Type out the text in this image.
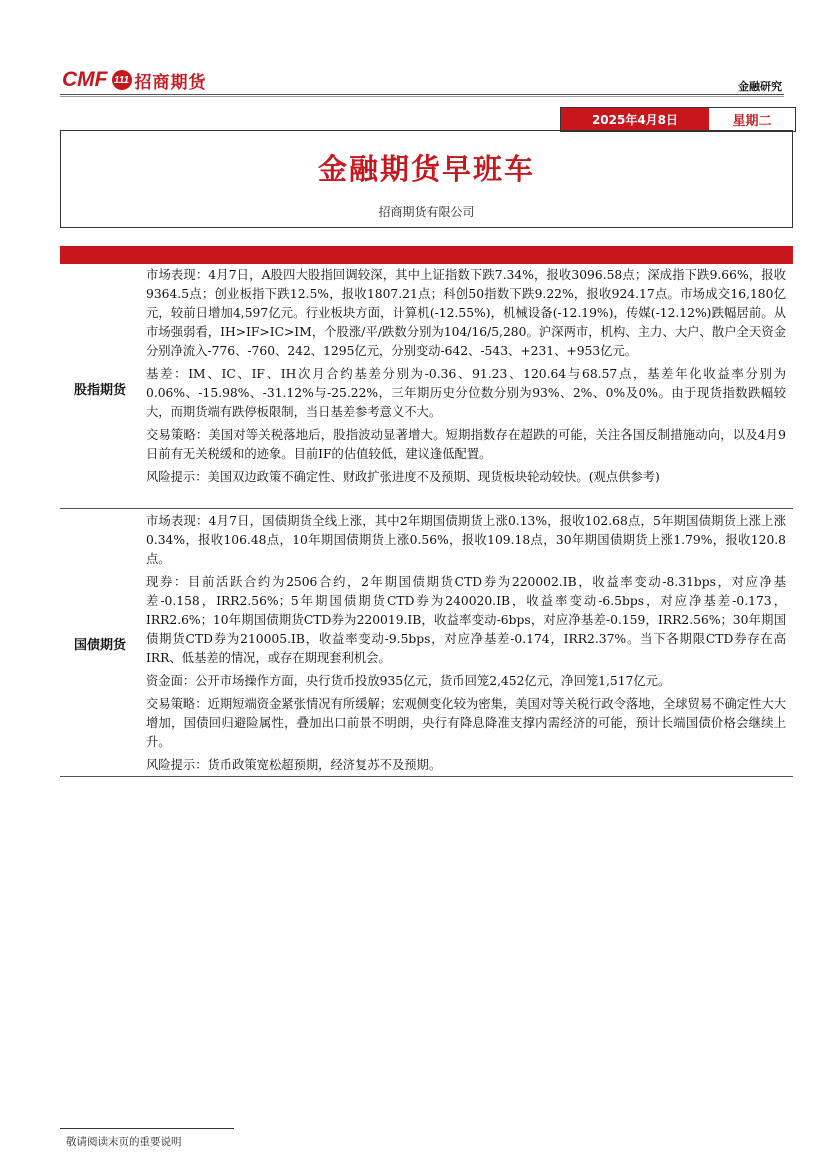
CMF 111 招商期货	金融研究
2025年4月8日	星期二
金融期货早班车
招商期货有限公司
股指期货

市场表现：4月7日，A股四大股指回调较深，其中上证指数下跌7.34%，报收3096.58点；深成指下跌9.66%，报收9364.5点；创业板指下跌12.5%，报收1807.21点；科创50指数下跌9.22%，报收924.17点。市场成交16,180亿元，较前日增加4,597亿元。行业板块方面，计算机(-12.55%)，机械设备(-12.19%)，传媒(-12.12%)跌幅居前。从市场强弱看，IH>IF>IC>IM，个股涨/平/跌数分别为104/16/5,280。沪深两市，机构、主力、大户、散户全天资金分别净流入-776、-760、242、1295亿元，分别变动-642、-543、+231、+953亿元。

基差：IM、IC、IF、IH次月合约基差分别为-0.36、91.23、120.64与68.57点，基差年化收益率分别为0.06%、-15.98%、-31.12%与-25.22%，三年期历史分位数分别为93%、2%、0%及0%。由于现货指数跌幅较大，而期货端有跌停板限制，当日基差参考意义不大。

交易策略：美国对等关税落地后，股指波动显著增大。短期指数存在超跌的可能，关注各国反制措施动向，以及4月9日前有无关税缓和的迹象。目前IF的估值较低，建议逢低配置。

风险提示：美国双边政策不确定性、财政扩张进度不及预期、现货板块轮动较快。(观点供参考)

国债期货

市场表现：4月7日，国债期货全线上涨，其中2年期国债期货上涨0.13%，报收102.68点，5年期国债期货上涨上涨0.34%，报收106.48点，10年期国债期货上涨0.56%，报收109.18点，30年期国债期货上涨1.79%，报收120.8点。

现券：目前活跃合约为2506合约，2年期国债期货CTD券为220002.IB，收益率变动-8.31bps，对应净基差-0.158，IRR2.56%；5年期国债期货CTD券为240020.IB，收益率变动-6.5bps，对应净基差-0.173，IRR2.6%；10年期国债期货CTD券为220019.IB，收益率变动-6bps，对应净基差-0.159，IRR2.56%；30年期国债期货CTD券为210005.IB，收益率变动-9.5bps，对应净基差-0.174，IRR2.37%。当下各期限CTD券存在高IRR、低基差的情况，或存在期现套利机会。

资金面：公开市场操作方面，央行货币投放935亿元，货币回笼2,452亿元，净回笼1,517亿元。

交易策略：近期短端资金紧张情况有所缓解；宏观侧变化较为密集，美国对等关税行政令落地，全球贸易不确定性大大增加，国债回归避险属性，叠加出口前景不明朗，央行有降息降准支撑内需经济的可能，预计长端国债价格会继续上升。

风险提示：货币政策宽松超预期，经济复苏不及预期。

敬请阅读末页的重要说明
